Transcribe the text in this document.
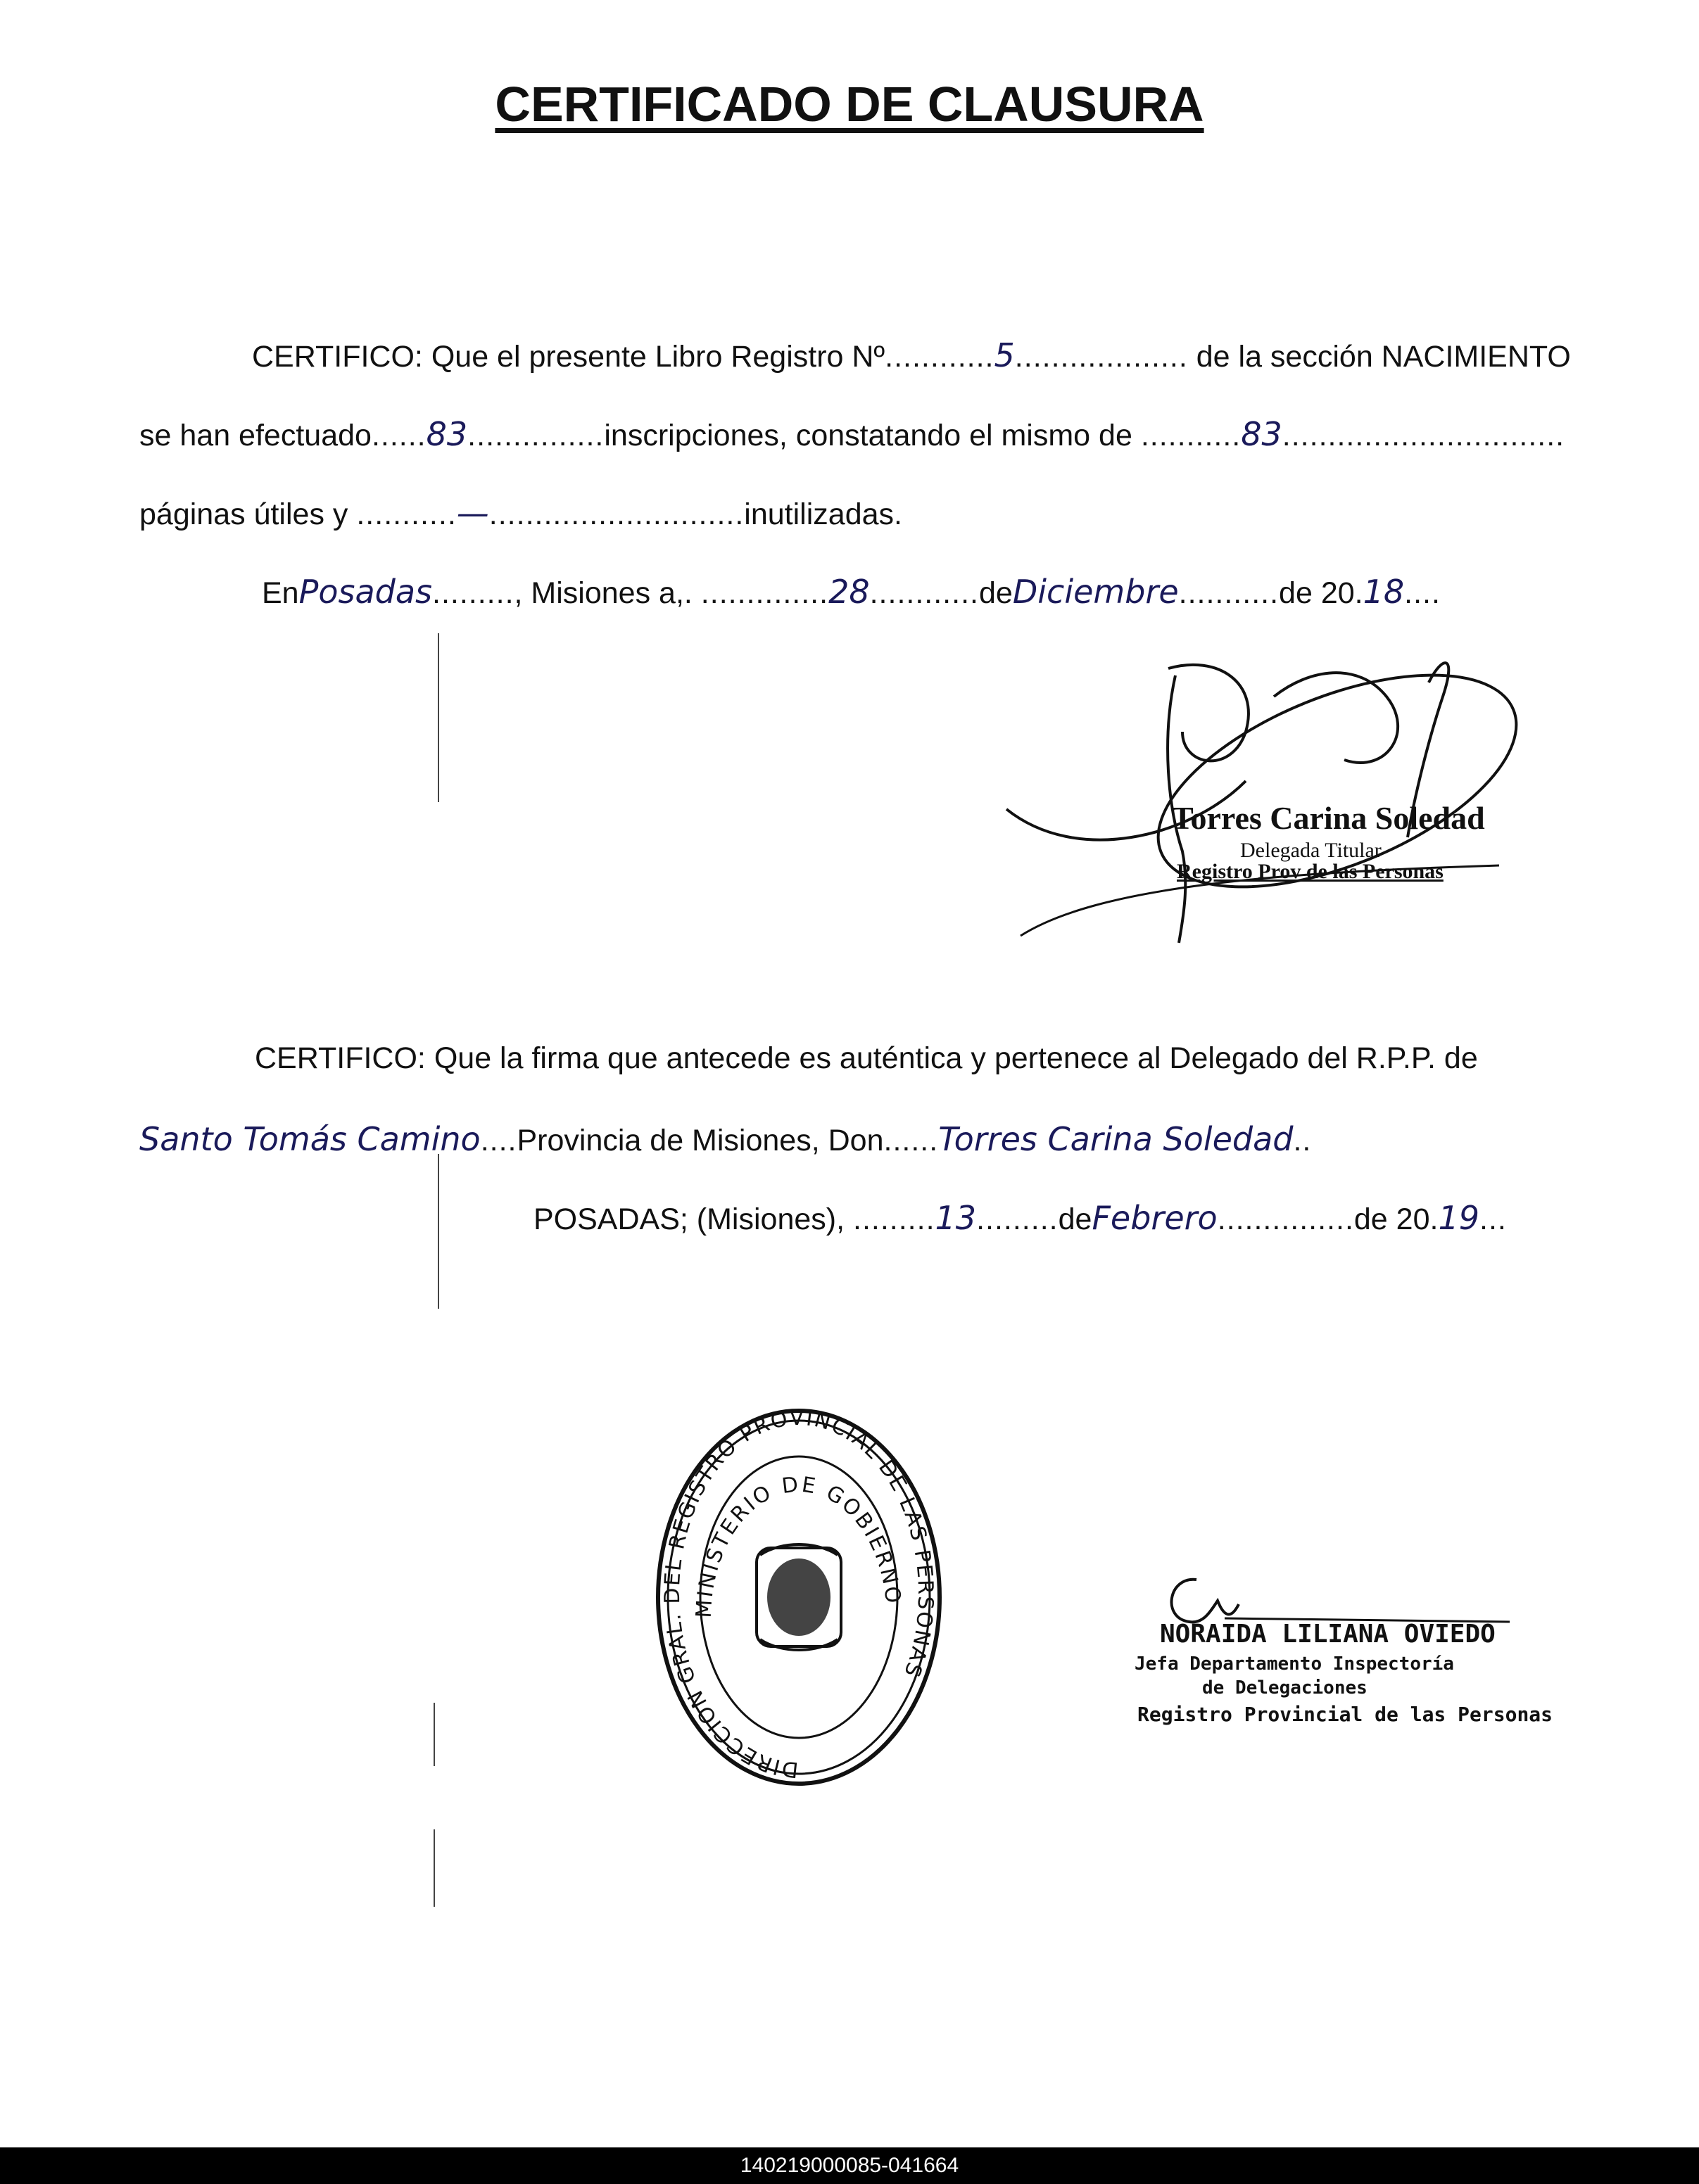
CERTIFICADO DE CLAUSURA
CERTIFICO: Que el presente Libro Registro Nº............5................... de la sección NACIMIENTO
se han efectuado......83...............inscripciones, constatando el mismo de ...........83...............................
páginas útiles y ...........—............................inutilizadas.
EnPosadas........., Misiones a,. ..............28............deDiciembre...........de 20.18....
Torres Carina Soledad
Delegada Titular
Registro Prov de las Personas
CERTIFICO: Que la firma que antecede es auténtica y pertenece al Delegado del R.P.P. de
Santo Tomás Camino....Provincia de Misiones, Don......Torres Carina Soledad..
POSADAS; (Misiones), .........13.........deFebrero...............de 20.19...
DIRECCION GRAL. DEL REGISTRO PROVINCIAL DE LAS PERSONAS
MINISTERIO DE GOBIERNO
NORAIDA LILIANA OVIEDO
Jefa Departamento Inspectoría
de Delegaciones
Registro Provincial de las Personas
140219000085-041664
